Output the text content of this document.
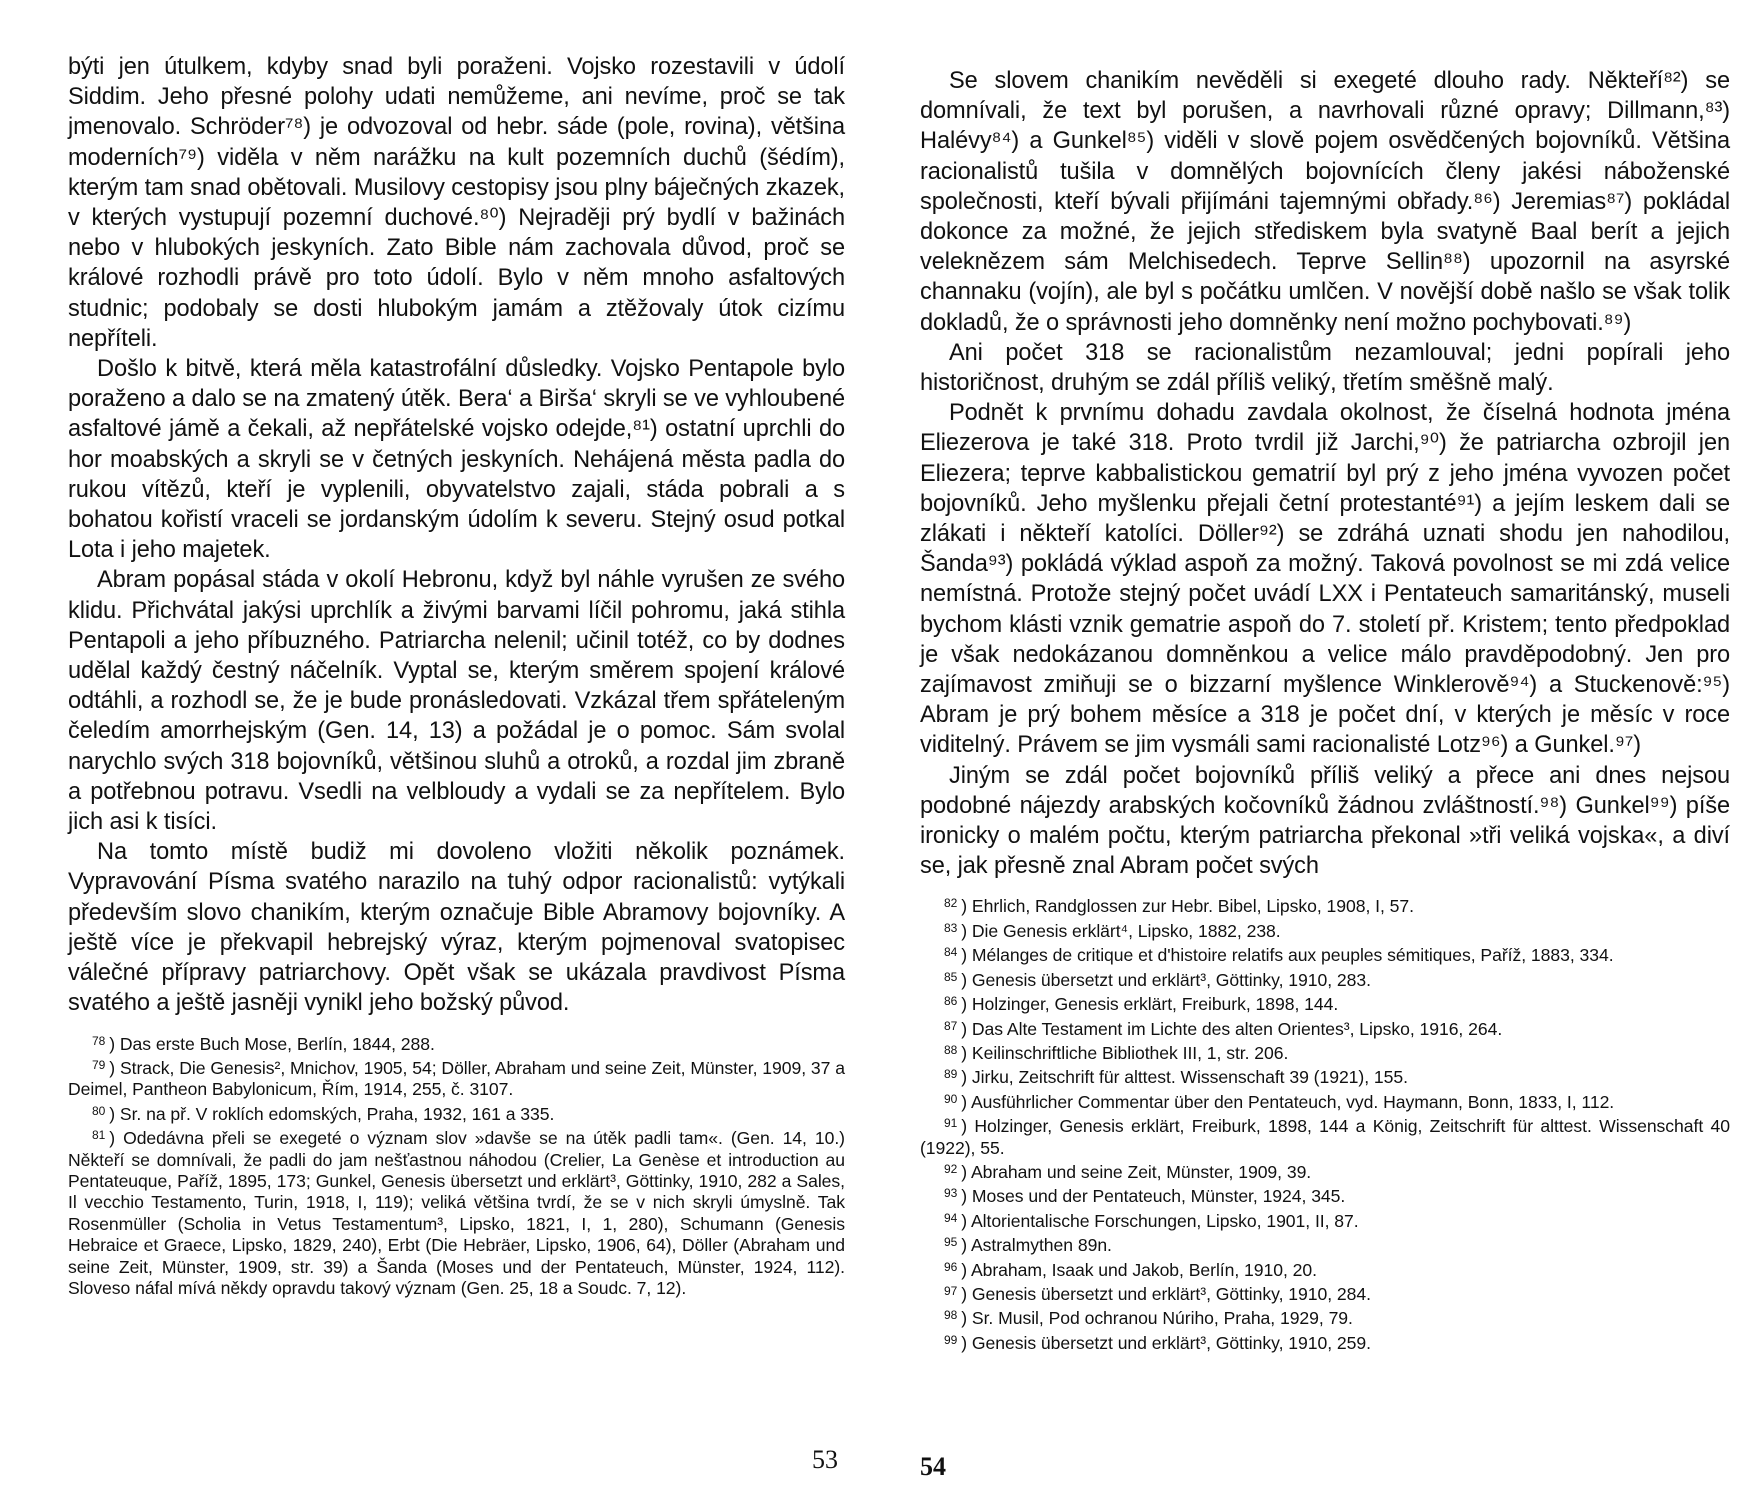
býti jen útulkem, kdyby snad byli poraženi. Vojsko rozestavili v údolí Siddim. Jeho přesné polohy udati nemůžeme, ani nevíme, proč se tak jmenovalo. Schröder⁷⁸) je odvozoval od hebr. sáde (pole, rovina), většina moderních⁷⁹) viděla v něm narážku na kult pozemních duchů (šédím), kterým tam snad obětovali. Musilovy cestopisy jsou plny báječných zkazek, v kterých vystupují pozemní duchové.⁸⁰) Nejraději prý bydlí v bažinách nebo v hlubokých jeskyních. Zato Bible nám zachovala důvod, proč se králové rozhodli právě pro toto údolí. Bylo v něm mnoho asfaltových studnic; podobaly se dosti hlubokým jamám a ztěžovaly útok cizímu nepříteli.

Došlo k bitvě, která měla katastrofální důsledky. Vojsko Pentapole bylo poraženo a dalo se na zmatený útěk. Bera‘ a Birša‘ skryli se ve vyhloubené asfaltové jámě a čekali, až nepřátelské vojsko odejde,⁸¹) ostatní uprchli do hor moabských a skryli se v četných jeskyních. Nehájená města padla do rukou vítězů, kteří je vyplenili, obyvatelstvo zajali, stáda pobrali a s bohatou kořistí vraceli se jordanským údolím k severu. Stejný osud potkal Lota i jeho majetek.

Abram popásal stáda v okolí Hebronu, když byl náhle vyrušen ze svého klidu. Přichvátal jakýsi uprchlík a živými barvami líčil pohromu, jaká stihla Pentapoli a jeho příbuzného. Patriarcha nelenil; učinil totéž, co by dodnes udělal každý čestný náčelník. Vyptal se, kterým směrem spojení králové odtáhli, a rozhodl se, že je bude pronásledovati. Vzkázal třem spřáteleným čeledím amorrhejským (Gen. 14, 13) a požádal je o pomoc. Sám svolal narychlo svých 318 bojovníků, většinou sluhů a otroků, a rozdal jim zbraně a potřebnou potravu. Vsedli na velbloudy a vydali se za nepřítelem. Bylo jich asi k tisíci.

Na tomto místě budiž mi dovoleno vložiti několik poznámek. Vypravování Písma svatého narazilo na tuhý odpor racionalistů: vytýkali především slovo chanikím, kterým označuje Bible Abramovy bojovníky. A ještě více je překvapil hebrejský výraz, kterým pojmenoval svatopisec válečné přípravy patriarchovy. Opět však se ukázala pravdivost Písma svatého a ještě jasněji vynikl jeho božský původ.

$^{78}$ ) Das erste Buch Mose, Berlín, 1844, 288.

$^{79}$ ) Strack, Die Genesis², Mnichov, 1905, 54; Döller, Abraham und seine Zeit, Münster, 1909, 37 a Deimel, Pantheon Babylonicum, Řím, 1914, 255, č. 3107.

$^{80}$ ) Sr. na př. V roklích edomských, Praha, 1932, 161 a 335.

$^{81}$ ) Odedávna přeli se exegeté o význam slov »davše se na útěk padli tam«. (Gen. 14, 10.) Někteří se domnívali, že padli do jam nešťastnou náhodou (Crelier, La Genèse et introduction au Pentateuque, Paříž, 1895, 173; Gunkel, Genesis übersetzt und erklärt³, Göttinky, 1910, 282 a Sales, Il vecchio Testamento, Turin, 1918, I, 119); veliká většina tvrdí, že se v nich skryli úmyslně. Tak Rosenmüller (Scholia in Vetus Testamentum³, Lipsko, 1821, I, 1, 280), Schumann (Genesis Hebraice et Graece, Lipsko, 1829, 240), Erbt (Die Hebräer, Lipsko, 1906, 64), Döller (Abraham und seine Zeit, Münster, 1909, str. 39) a Šanda (Moses und der Pentateuch, Münster, 1924, 112). Sloveso náfal mívá někdy opravdu takový význam (Gen. 25, 18 a Soudc. 7, 12).

53

Se slovem chanikím nevěděli si exegeté dlouho rady. Někteří⁸²) se domnívali, že text byl porušen, a navrhovali různé opravy; Dillmann,⁸³) Halévy⁸⁴) a Gunkel⁸⁵) viděli v slově pojem osvědčených bojovníků. Většina racionalistů tušila v domnělých bojovnících členy jakési náboženské společnosti, kteří bývali přijímáni tajemnými obřady.⁸⁶) Jeremias⁸⁷) pokládal dokonce za možné, že jejich střediskem byla svatyně Baal berít a jejich veleknězem sám Melchisedech. Teprve Sellin⁸⁸) upozornil na asyrské channaku (vojín), ale byl s počátku umlčen. V novější době našlo se však tolik dokladů, že o správnosti jeho domněnky není možno pochybovati.⁸⁹)

Ani počet 318 se racionalistům nezamlouval; jedni popírali jeho historičnost, druhým se zdál příliš veliký, třetím směšně malý.

Podnět k prvnímu dohadu zavdala okolnost, že číselná hodnota jména Eliezerova je také 318. Proto tvrdil již Jarchi,⁹⁰) že patriarcha ozbrojil jen Eliezera; teprve kabbalistickou gematrií byl prý z jeho jména vyvozen počet bojovníků. Jeho myšlenku přejali četní protestanté⁹¹) a jejím leskem dali se zlákati i někteří katolíci. Döller⁹²) se zdráhá uznati shodu jen nahodilou, Šanda⁹³) pokládá výklad aspoň za možný. Taková povolnost se mi zdá velice nemístná. Protože stejný počet uvádí LXX i Pentateuch samaritánský, museli bychom klásti vznik gematrie aspoň do 7. století př. Kristem; tento předpoklad je však nedokázanou domněnkou a velice málo pravděpodobný. Jen pro zajímavost zmiňuji se o bizzarní myšlence Winklerově⁹⁴) a Stuckenově:⁹⁵) Abram je prý bohem měsíce a 318 je počet dní, v kterých je měsíc v roce viditelný. Právem se jim vysmáli sami racionalisté Lotz⁹⁶) a Gunkel.⁹⁷)

Jiným se zdál počet bojovníků příliš veliký a přece ani dnes nejsou podobné nájezdy arabských kočovníků žádnou zvláštností.⁹⁸) Gunkel⁹⁹) píše ironicky o malém počtu, kterým patriarcha překonal »tři veliká vojska«, a diví se, jak přesně znal Abram počet svých

$^{82}$ ) Ehrlich, Randglossen zur Hebr. Bibel, Lipsko, 1908, I, 57.

$^{83}$ ) Die Genesis erklärt⁴, Lipsko, 1882, 238.

$^{84}$ ) Mélanges de critique et d'histoire relatifs aux peuples sémitiques, Paříž, 1883, 334.

$^{85}$ ) Genesis übersetzt und erklärt³, Göttinky, 1910, 283.

$^{86}$ ) Holzinger, Genesis erklärt, Freiburk, 1898, 144.

$^{87}$ ) Das Alte Testament im Lichte des alten Orientes³, Lipsko, 1916, 264.

$^{88}$ ) Keilinschriftliche Bibliothek III, 1, str. 206.

$^{89}$ ) Jirku, Zeitschrift für alttest. Wissenschaft 39 (1921), 155.

$^{90}$ ) Ausführlicher Commentar über den Pentateuch, vyd. Haymann, Bonn, 1833, I, 112.

$^{91}$ ) Holzinger, Genesis erklärt, Freiburk, 1898, 144 a König, Zeitschrift für alttest. Wissenschaft 40 (1922), 55.

$^{92}$ ) Abraham und seine Zeit, Münster, 1909, 39.

$^{93}$ ) Moses und der Pentateuch, Münster, 1924, 345.

$^{94}$ ) Altorientalische Forschungen, Lipsko, 1901, II, 87.

$^{95}$ ) Astralmythen 89n.

$^{96}$ ) Abraham, Isaak und Jakob, Berlín, 1910, 20.

$^{97}$ ) Genesis übersetzt und erklärt³, Göttinky, 1910, 284.

$^{98}$ ) Sr. Musil, Pod ochranou Núriho, Praha, 1929, 79.

$^{99}$ ) Genesis übersetzt und erklärt³, Göttinky, 1910, 259.

54
